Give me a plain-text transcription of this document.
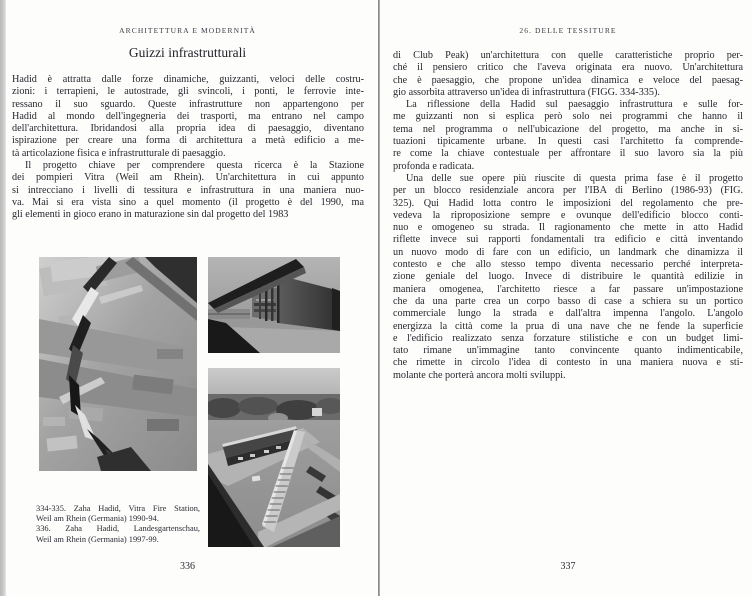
ARCHITETTURA E MODERNITÀ
Guizzi infrastrutturali
Hadid è attratta dalle forze dinamiche, guizzanti, veloci delle costru-
zioni: i terrapieni, le autostrade, gli svincoli, i ponti, le ferrovie inte-
ressano il suo sguardo. Queste infrastrutture non appartengono per
Hadid al mondo dell'ingegneria dei trasporti, ma entrano nel campo
dell'architettura. Ibridandosi alla propria idea di paesaggio, diventano
ispirazione per creare una forma di architettura a metà edificio a me-
tà articolazione fisica e infrastrutturale di paesaggio.
Il progetto chiave per comprendere questa ricerca è la Stazione
dei pompieri Vitra (Weil am Rhein). Un'architettura in cui appunto
si intrecciano i livelli di tessitura e infrastruttura in una maniera nuo-
va. Mai si era vista sino a quel momento (il progetto è del 1990, ma
gli elementi in gioco erano in maturazione sin dal progetto del 1983
334-335. Zaha Hadid, Vitra Fire Station,
Weil am Rhein (Germania) 1990-94.
336. Zaha Hadid, Landesgartenschau,
Weil am Rhein (Germania) 1997-99.
336
26. DELLE TESSITURE
di Club Peak) un'architettura con quelle caratteristiche proprio per-
ché il pensiero critico che l'aveva originata era nuovo. Un'architettura
che è paesaggio, che propone un'idea dinamica e veloce del paesag-
gio assorbita attraverso un'idea di infrastruttura (FIGG. 334-335).
La riflessione della Hadid sul paesaggio infrastruttura e sulle for-
me guizzanti non si esplica però solo nei programmi che hanno il
tema nel programma o nell'ubicazione del progetto, ma anche in si-
tuazioni tipicamente urbane. In questi casi l'architetto fa comprende-
re come la chiave contestuale per affrontare il suo lavoro sia la più
profonda e radicata.
Una delle sue opere più riuscite di questa prima fase è il progetto
per un blocco residenziale ancora per l'IBA di Berlino (1986-93) (FIG.
325). Qui Hadid lotta contro le imposizioni del regolamento che pre-
vedeva la riproposizione sempre e ovunque dell'edificio blocco conti-
nuo e omogeneo su strada. Il ragionamento che mette in atto Hadid
riflette invece sui rapporti fondamentali tra edificio e città inventando
un nuovo modo di fare con un edificio, un landmark che dinamizza il
contesto e che allo stesso tempo diventa necessario perché interpreta-
zione geniale del luogo. Invece di distribuire le quantità edilizie in
maniera omogenea, l'architetto riesce a far passare un'impostazione
che da una parte crea un corpo basso di case a schiera su un portico
commerciale lungo la strada e dall'altra impenna l'angolo. L'angolo
energizza la città come la prua di una nave che ne fende la superficie
e l'edificio realizzato senza forzature stilistiche e con un budget limi-
tato rimane un'immagine tanto convincente quanto indimenticabile,
che rimette in circolo l'idea di contesto in una maniera nuova e sti-
molante che porterà ancora molti sviluppi.
337
